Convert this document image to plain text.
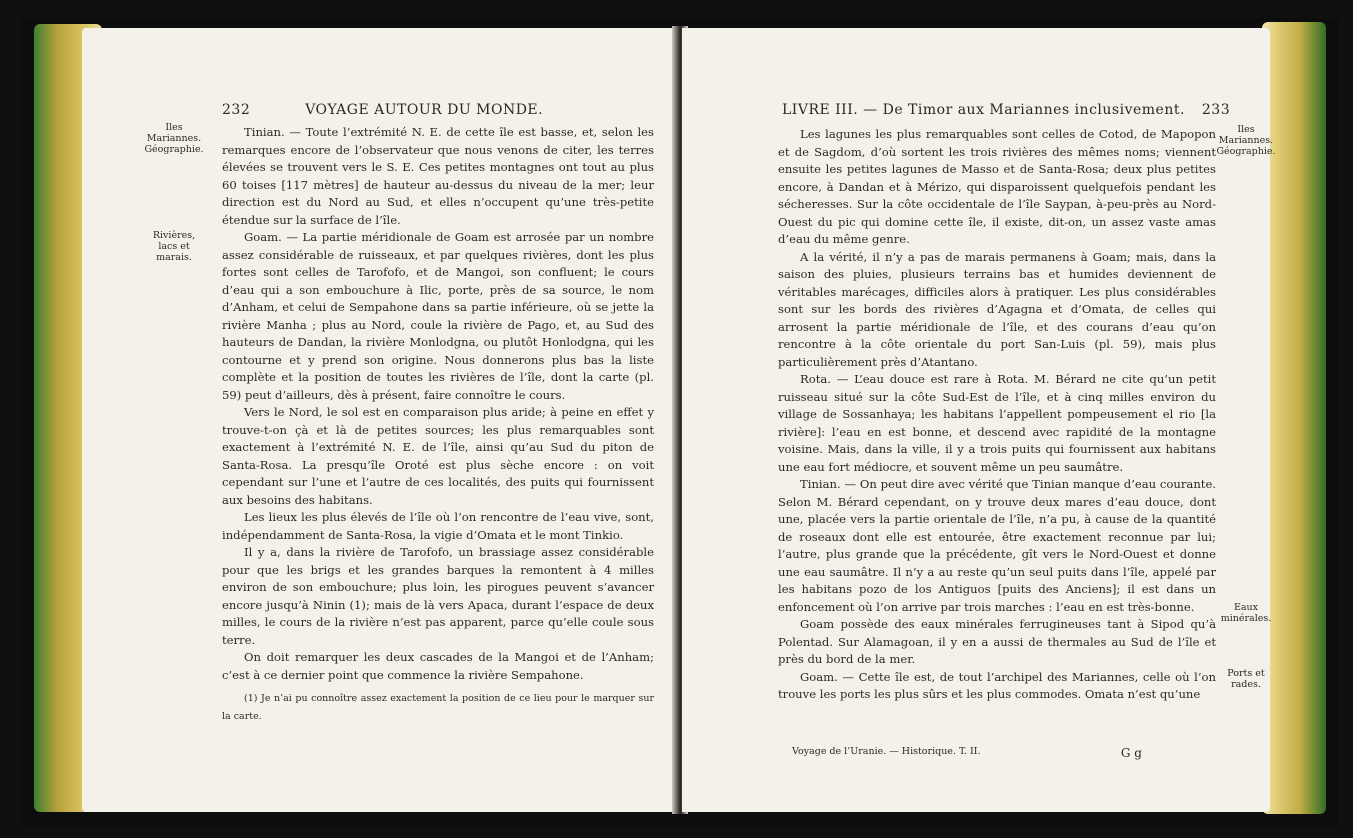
232	VOYAGE AUTOUR DU MONDE.
Iles Mariannes. Géographie.
Rivières, lacs et marais.

Tinian. — Toute l’extrémité N. E. de cette île est basse, et, selon les remarques encore de l’observateur que nous venons de citer, les terres élevées se trouvent vers le S. E. Ces petites montagnes ont tout au plus 60 toises [117 mètres] de hauteur au-dessus du niveau de la mer; leur direction est du Nord au Sud, et elles n’occupent qu’une très-petite étendue sur la surface de l’île.

Goam. — La partie méridionale de Goam est arrosée par un nombre assez considérable de ruisseaux, et par quelques rivières, dont les plus fortes sont celles de Tarofofo, et de Mangoi, son confluent; le cours d’eau qui a son embouchure à Ilic, porte, près de sa source, le nom d’Anham, et celui de Sempahone dans sa partie inférieure, où se jette la rivière Manha ; plus au Nord, coule la rivière de Pago, et, au Sud des hauteurs de Dandan, la rivière Monlodgna, ou plutôt Honlodgna, qui les contourne et y prend son origine. Nous donnerons plus bas la liste complète et la position de toutes les rivières de l’île, dont la carte (pl. 59) peut d’ailleurs, dès à présent, faire connoître le cours.

Vers le Nord, le sol est en comparaison plus aride; à peine en effet y trouve-t-on çà et là de petites sources; les plus remarquables sont exactement à l’extrémité N. E. de l’île, ainsi qu’au Sud du piton de Santa-Rosa. La presqu’île Oroté est plus sèche encore : on voit cependant sur l’une et l’autre de ces localités, des puits qui fournissent aux besoins des habitans.

Les lieux les plus élevés de l’île où l’on rencontre de l’eau vive, sont, indépendamment de Santa-Rosa, la vigie d’Omata et le mont Tinkio.

Il y a, dans la rivière de Tarofofo, un brassiage assez considérable pour que les brigs et les grandes barques la remontent à 4 milles environ de son embouchure; plus loin, les pirogues peuvent s’avancer encore jusqu’à Ninin (1); mais de là vers Apaca, durant l’espace de deux milles, le cours de la rivière n’est pas apparent, parce qu’elle coule sous terre.

On doit remarquer les deux cascades de la Mangoi et de l’Anham; c’est à ce dernier point que commence la rivière Sempahone.

(1) Je n’ai pu connoître assez exactement la position de ce lieu pour le marquer sur la carte.
LIVRE III. — De Timor aux Mariannes inclusivement. 233
Iles Mariannes. Géographie.
Eaux minérales.
Ports et rades.

Les lagunes les plus remarquables sont celles de Cotod, de Mapopon et de Sagdom, d’où sortent les trois rivières des mêmes noms; viennent ensuite les petites lagunes de Masso et de Santa-Rosa; deux plus petites encore, à Dandan et à Mérizo, qui disparoissent quelquefois pendant les sécheresses. Sur la côte occidentale de l’île Saypan, à-peu-près au Nord-Ouest du pic qui domine cette île, il existe, dit-on, un assez vaste amas d’eau du même genre.

A la vérité, il n’y a pas de marais permanens à Goam; mais, dans la saison des pluies, plusieurs terrains bas et humides deviennent de véritables marécages, difficiles alors à pratiquer. Les plus considérables sont sur les bords des rivières d’Agagna et d’Omata, de celles qui arrosent la partie méridionale de l’île, et des courans d’eau qu’on rencontre à la côte orientale du port San-Luis (pl. 59), mais plus particulièrement près d’Atantano.

Rota. — L’eau douce est rare à Rota. M. Bérard ne cite qu’un petit ruisseau situé sur la côte Sud-Est de l’île, et à cinq milles environ du village de Sossanhaya; les habitans l’appellent pompeusement el rio [la rivière]: l’eau en est bonne, et descend avec rapidité de la montagne voisine. Mais, dans la ville, il y a trois puits qui fournissent aux habitans une eau fort médiocre, et souvent même un peu saumâtre.

Tinian. — On peut dire avec vérité que Tinian manque d’eau courante. Selon M. Bérard cependant, on y trouve deux mares d’eau douce, dont une, placée vers la partie orientale de l’île, n’a pu, à cause de la quantité de roseaux dont elle est entourée, être exactement reconnue par lui; l’autre, plus grande que la précédente, gît vers le Nord-Ouest et donne une eau saumâtre. Il n’y a au reste qu’un seul puits dans l’île, appelé par les habitans pozo de los Antiguos [puits des Anciens]; il est dans un enfoncement où l’on arrive par trois marches : l’eau en est très-bonne.

Goam possède des eaux minérales ferrugineuses tant à Sipod qu’à Polentad. Sur Alamagoan, il y en a aussi de thermales au Sud de l’île et près du bord de la mer.

Goam. — Cette île est, de tout l’archipel des Mariannes, celle où l’on trouve les ports les plus sûrs et les plus commodes. Omata n’est qu’une

Voyage de l’Uranie. — Historique. T. II.	G g
